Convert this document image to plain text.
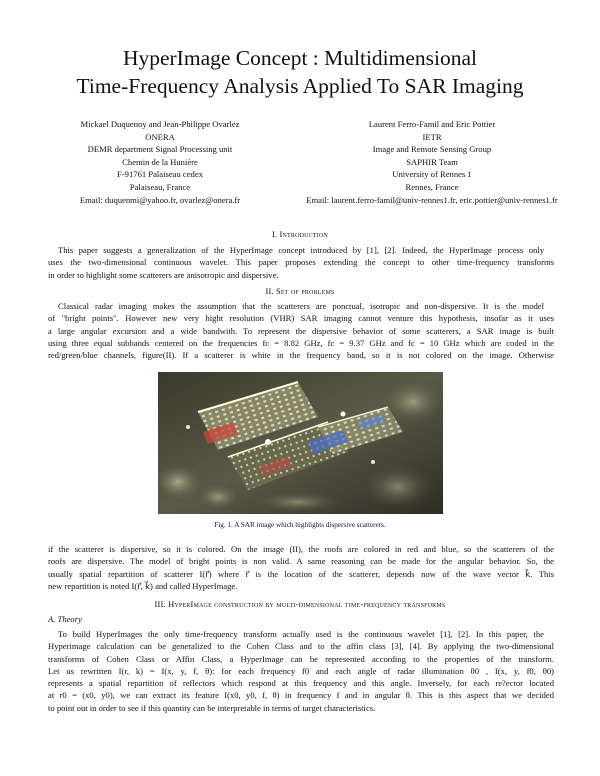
HyperImage Concept : Multidimensional
Time-Frequency Analysis Applied To SAR Imaging
Mickael Duquenoy and Jean-Philippe Ovarlez
ONERA
DEMR department Signal Processing unit
Chemin de la Hunière
F-91761 Palaiseau cedex
Palaiseau, France
Email: duquenmi@yahoo.fr, ovarlez@onera.fr
Laurent Ferro-Famil and Eric Pottier
IETR
Image and Remote Sensing Group
SAPHIR Team
University of Rennes 1
Rennes, France
Email: laurent.ferro-famil@univ-rennes1.fr, eric.pottier@univ-rennes1.fr
I. Introduction
This paper suggests a generalization of the HyperImage concept introduced by [1], [2]. Indeed, the HyperImage process only
uses the two-dimensional continuous wavelet. This paper proposes extending the concept to other time-frequency transforms
in order to highlight some scatterers are anisotropic and dispersive.
II. Set of problems
Classical radar imaging makes the assumption that the scatterers are ponctual, isotropic and non-dispersive. It is the model
of "bright points". However new very hight resolution (VHR) SAR imaging cannot venture this hypothesis, insofar as it uses
a large angular excursion and a wide bandwith. To represent the dispersive behavior of some scatterers, a SAR image is built
using three equal subbands centered on the frequencies fc = 8.82 GHz, fc = 9.37 GHz and fc = 10 GHz which are coded in the
red/green/blue channels, figure(II). If a scatterer is white in the frequency band, so it is not colored on the image. Otherwise
Fig. 1. A SAR image which highlights dispersive scatterers.
if the scatterer is dispersive, so it is colored. On the image (II), the roofs are colored in red and blue, so the scatterers of the
roofs are dispersive. The model of bright points is non valid. A same reasoning can be made for the angular behavior. So, the
usually spatial repartition of scatterer I(r⃗) where r⃗ is the location of the scatterer, depends now of the wave vector k⃗. This
new repartition is noted I(r⃗, k⃗) and called HyperImage.
III. HyperImage construction by multi-dimensional time-frequency transforms
A. Theory
To build HyperImages the only time-frequency transform actually used is the continuous wavelet [1], [2]. In this paper, the
Hyperimage calculation can be generalized to the Cohen Class and to the affin class [3], [4]. By applying the two-dimensional
transforms of Cohen Class or Affin Class, a HyperImage can be represented according to the properties of the transform.
Let us rewritten I(r, k) = I(x, y, f, θ): for each frequency f0 and each angle of radar illumination θ0 , I(x, y, f0, θ0)
represents a spatial repartition of reflectors which respond at this frequency and this angle. Inversely, for each re?ector located
at r0 = (x0, y0), we can extract its feature I(x0, y0, f, θ) in frequency f and in angular θ. This is this aspect that we decided
to point out in order to see if this quantity can be interpretable in terms of target characteristics.
